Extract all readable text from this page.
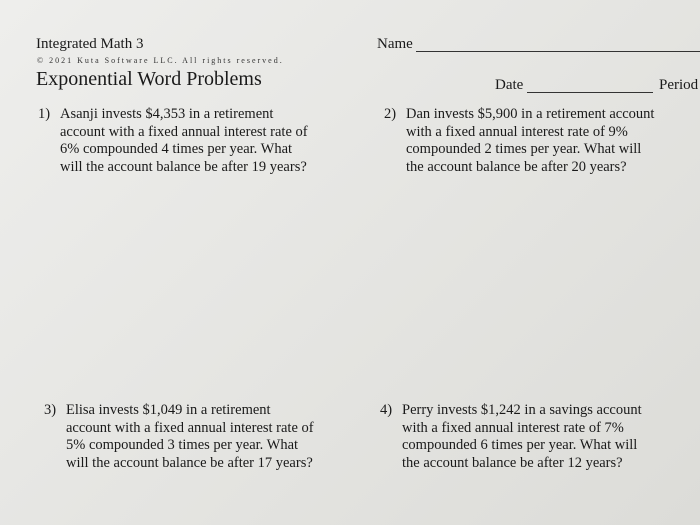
Integrated Math 3
© 2021 Kuta Software LLC. All rights reserved.
Exponential Word Problems
Name
Date	Period
1) Asanji invests $4,353 in a retirement
account with a fixed annual interest rate of
6% compounded 4 times per year. What
will the account balance be after 19 years?
2) Dan invests $5,900 in a retirement account
with a fixed annual interest rate of 9%
compounded 2 times per year. What will
the account balance be after 20 years?
3) Elisa invests $1,049 in a retirement
account with a fixed annual interest rate of
5% compounded 3 times per year. What
will the account balance be after 17 years?
4) Perry invests $1,242 in a savings account
with a fixed annual interest rate of 7%
compounded 6 times per year. What will
the account balance be after 12 years?
